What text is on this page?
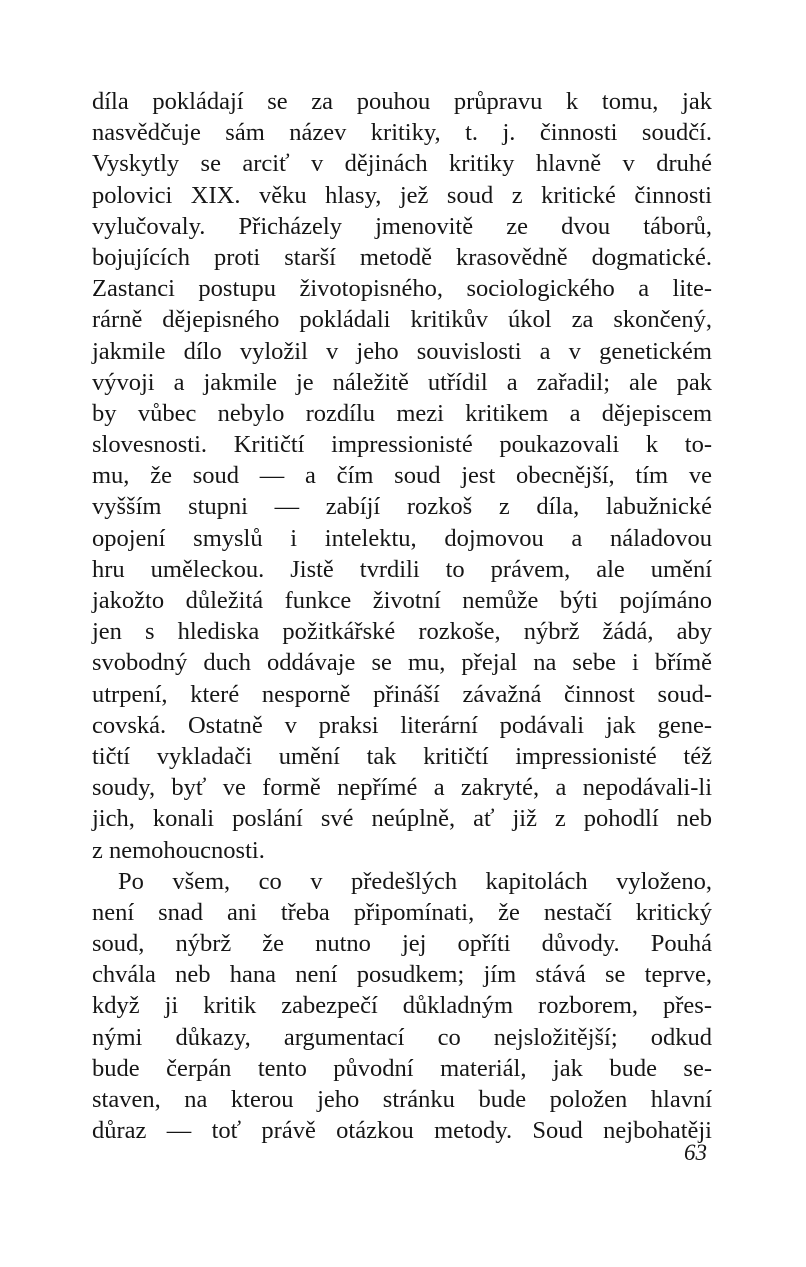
díla pokládají se za pouhou průpravu k tomu, jak
nasvědčuje sám název kritiky, t. j. činnosti soudčí.
Vyskytly se arciť v dějinách kritiky hlavně v druhé
polovici XIX. věku hlasy, jež soud z kritické činnosti
vylučovaly. Přicházely jmenovitě ze dvou táborů,
bojujících proti starší metodě krasovědně dogmatické.
Zastanci postupu životopisného, sociologického a lite-
rárně dějepisného pokládali kritikův úkol za skončený,
jakmile dílo vyložil v jeho souvislosti a v genetickém
vývoji a jakmile je náležitě utřídil a zařadil; ale pak
by vůbec nebylo rozdílu mezi kritikem a dějepiscem
slovesnosti. Kritičtí impressionisté poukazovali k to-
mu, že soud — a čím soud jest obecnější, tím ve
vyšším stupni — zabíjí rozkoš z díla, labužnické
opojení smyslů i intelektu, dojmovou a náladovou
hru uměleckou. Jistě tvrdili to právem, ale umění
jakožto důležitá funkce životní nemůže býti pojímáno
jen s hlediska požitkářské rozkoše, nýbrž žádá, aby
svobodný duch oddávaje se mu, přejal na sebe i břímě
utrpení, které nesporně přináší závažná činnost soud-
covská. Ostatně v praksi literární podávali jak gene-
tičtí vykladači umění tak kritičtí impressionisté též
soudy, byť ve formě nepřímé a zakryté, a nepodávali-li
jich, konali poslání své neúplně, ať již z pohodlí neb
z nemohoucnosti.
Po všem, co v předešlých kapitolách vyloženo,
není snad ani třeba připomínati, že nestačí kritický
soud, nýbrž že nutno jej opříti důvody. Pouhá
chvála neb hana není posudkem; jím stává se teprve,
když ji kritik zabezpečí důkladným rozborem, přes-
nými důkazy, argumentací co nejsložitější; odkud
bude čerpán tento původní materiál, jak bude se-
staven, na kterou jeho stránku bude položen hlavní
důraz — toť právě otázkou metody. Soud nejbohatěji
63
